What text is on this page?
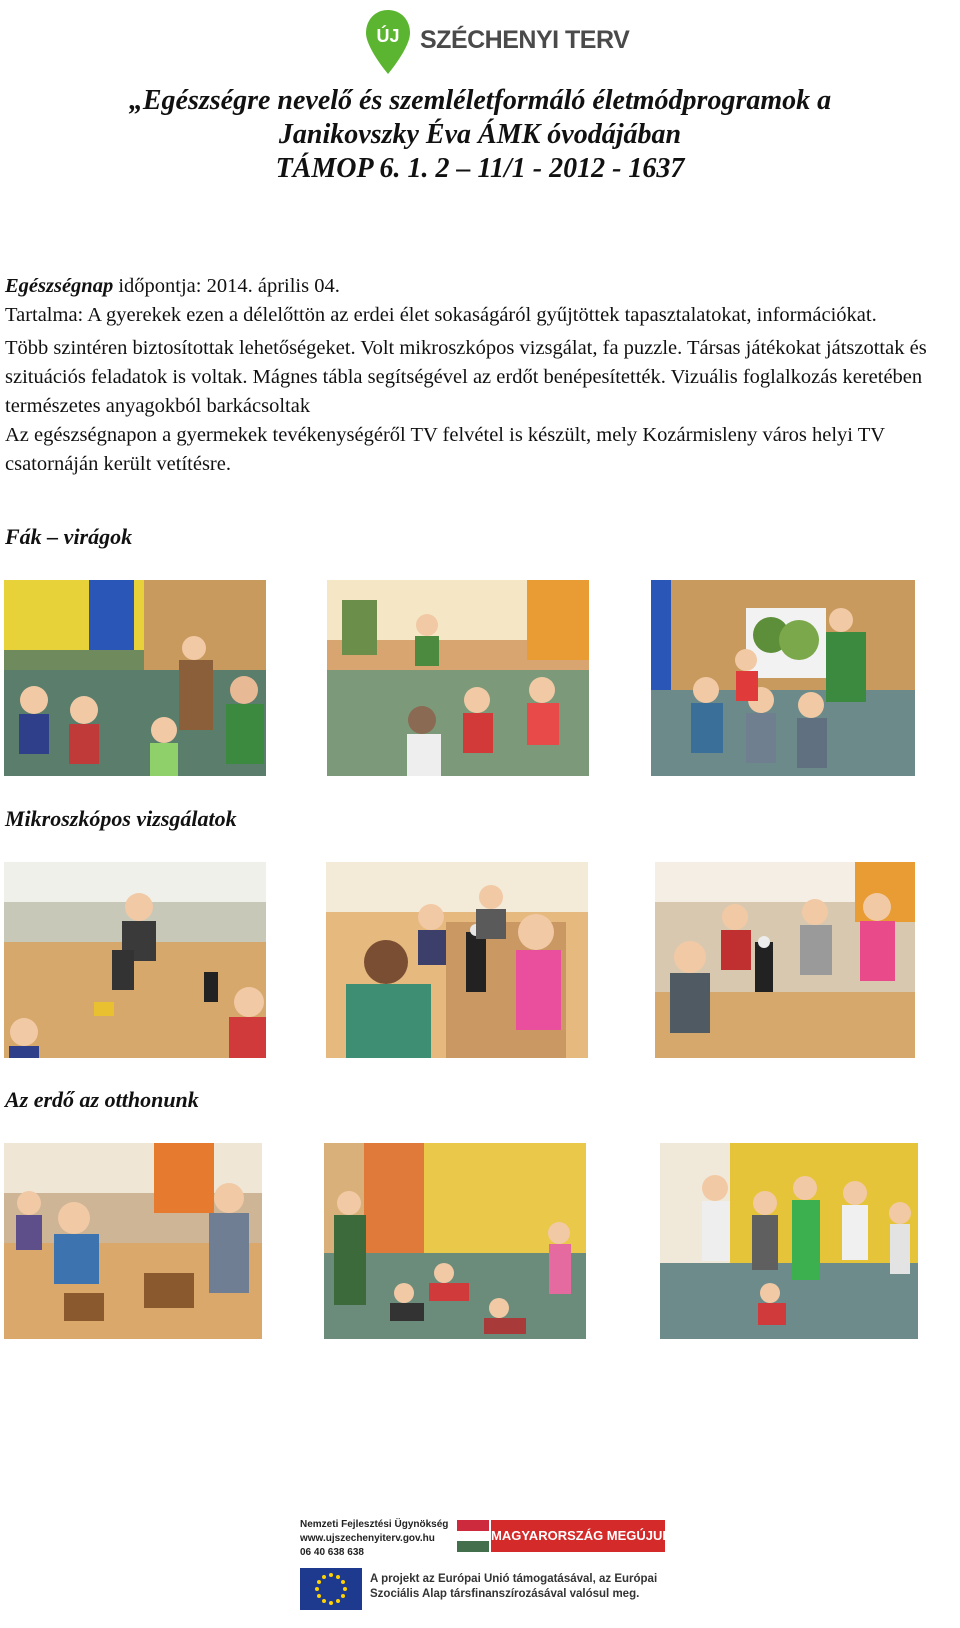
ÚJ SZÉCHENYI TERV
„Egészségre nevelő és szemléletformáló életmódprogramok a
Janikovszky Éva ÁMK óvodájában
TÁMOP 6. 1. 2 – 11/1 - 2012 - 1637

Egészségnap időpontja: 2014. április 04.

Tartalma: A gyerekek ezen a délelőttön az erdei élet sokaságáról gyűjtöttek tapasztalatokat, információkat.

Több szintéren biztosítottak lehetőségeket. Volt mikroszkópos vizsgálat, fa puzzle. Társas játékokat játszottak és szituációs feladatok is voltak. Mágnes tábla segítségével az erdőt benépesítették. Vizuális foglalkozás keretében természetes anyagokból barkácsoltak

Az egészségnapon a gyermekek tevékenységéről TV felvétel is készült, mely Kozármisleny város helyi TV csatornáján került vetítésre.

Fák – virágok
Mikroszkópos vizsgálatok
Az erdő az otthonunk
Nemzeti Fejlesztési Ügynökség
www.ujszechenyiterv.gov.hu
06 40 638 638
MAGYARORSZÁG MEGÚJUL
A projekt az Európai Unió támogatásával, az Európai
Szociális Alap társfinanszírozásával valósul meg.
